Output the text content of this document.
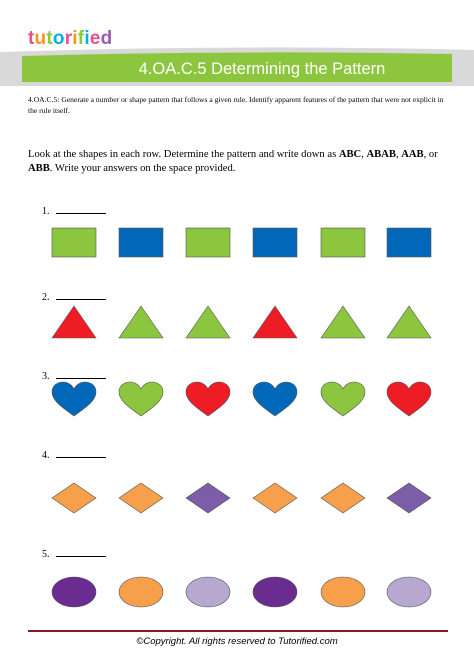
tutorified
4.OA.C.5 Determining the Pattern
4.OA.C.5: Generate a number or shape pattern that follows a given rule. Identify apparent features of the pattern that were not explicit in the rule itself.
Look at the shapes in each row. Determine the pattern and write down as ABC, ABAB, AAB, or ABB. Write your answers on the space provided.
1.
2.
3.
4.
5.
©Copyright. All rights reserved to Tutorified.com
